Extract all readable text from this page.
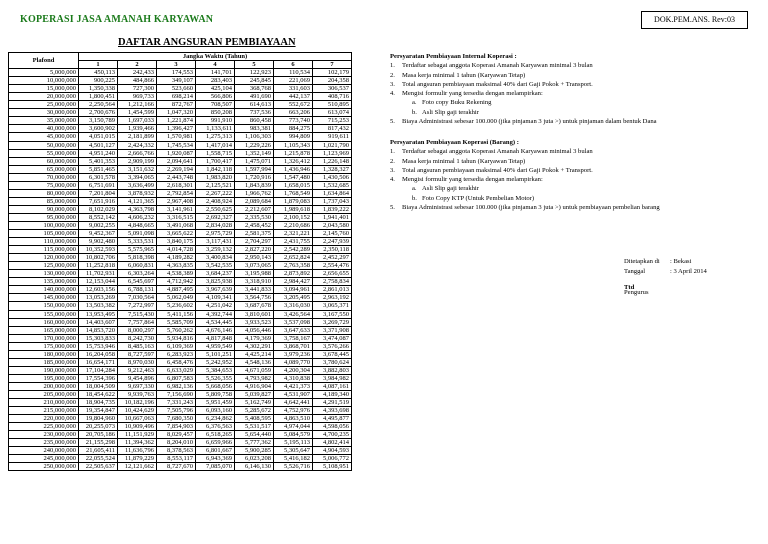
KOPERASI JASA AMANAH KARYAWAN	DOK.PEM.ANS. Rev:03
DAFTAR ANGSURAN PEMBIAYAAN
Plafond	Jangka Waktu (Tahun)						
	1	2	3	4	5	6	7
5,000,000	450,113	242,433	174,553	141,701	122,923	110,534	102,179
10,000,000	900,225	484,866	349,107	283,403	245,845	221,069	204,358
15,000,000	1,350,338	727,300	523,660	425,104	368,768	331,603	306,537
20,000,000	1,800,451	969,733	698,214	566,806	491,690	442,137	408,716
25,000,000	2,250,564	1,212,166	872,767	708,507	614,613	552,672	510,895
30,000,000	2,700,676	1,454,599	1,047,320	850,208	737,536	663,206	613,074
35,000,000	3,150,789	1,697,033	1,221,874	991,910	860,458	773,740	715,253
40,000,000	3,600,902	1,939,466	1,396,427	1,133,611	983,381	884,275	817,432
45,000,000	4,051,015	2,181,899	1,570,981	1,275,313	1,106,303	994,809	919,611
50,000,000	4,501,127	2,424,332	1,745,534	1,417,014	1,229,226	1,105,343	1,021,790
55,000,000	4,951,240	2,666,766	1,920,087	1,558,715	1,352,149	1,215,878	1,123,969
60,000,000	5,401,353	2,909,199	2,094,641	1,700,417	1,475,071	1,326,412	1,226,148
65,000,000	5,851,465	3,151,632	2,269,194	1,842,118	1,597,994	1,436,946	1,328,327
70,000,000	6,301,578	3,394,065	2,443,748	1,983,820	1,720,916	1,547,480	1,430,506
75,000,000	6,751,691	3,636,499	2,618,301	2,125,521	1,843,839	1,658,015	1,532,685
80,000,000	7,201,804	3,878,932	2,792,854	2,267,222	1,966,762	1,768,549	1,634,864
85,000,000	7,651,916	4,121,365	2,967,408	2,408,924	2,089,684	1,879,083	1,737,043
90,000,000	8,102,029	4,363,798	3,141,961	2,550,625	2,212,607	1,989,618	1,839,222
95,000,000	8,552,142	4,606,232	3,316,515	2,692,327	2,335,530	2,100,152	1,941,401
100,000,000	9,002,255	4,848,665	3,491,068	2,834,028	2,458,452	2,210,686	2,043,580
105,000,000	9,452,367	5,091,098	3,665,622	2,975,729	2,581,375	2,321,221	2,145,760
110,000,000	9,902,480	5,333,531	3,840,175	3,117,431	2,704,297	2,431,755	2,247,939
115,000,000	10,352,593	5,575,965	4,014,728	3,259,132	2,827,220	2,542,289	2,350,118
120,000,000	10,802,706	5,818,398	4,189,282	3,400,834	2,950,143	2,652,824	2,452,297
125,000,000	11,252,818	6,060,831	4,363,835	3,542,535	3,073,065	2,763,358	2,554,476
130,000,000	11,702,931	6,303,264	4,538,389	3,684,237	3,195,988	2,873,892	2,656,655
135,000,000	12,153,044	6,545,697	4,712,942	3,825,938	3,318,910	2,984,427	2,758,834
140,000,000	12,603,156	6,788,131	4,887,495	3,967,639	3,441,833	3,094,961	2,861,013
145,000,000	13,053,269	7,030,564	5,062,049	4,109,341	3,564,756	3,205,495	2,963,192
150,000,000	13,503,382	7,272,997	5,236,602	4,251,042	3,687,678	3,316,030	3,065,371
155,000,000	13,953,495	7,515,430	5,411,156	4,392,744	3,810,601	3,426,564	3,167,550
160,000,000	14,403,607	7,757,864	5,585,709	4,534,445	3,933,523	3,537,098	3,269,729
165,000,000	14,853,720	8,000,297	5,760,262	4,676,146	4,056,446	3,647,633	3,371,908
170,000,000	15,303,833	8,242,730	5,934,816	4,817,848	4,179,369	3,758,167	3,474,087
175,000,000	15,753,946	8,485,163	6,109,369	4,959,549	4,302,291	3,868,701	3,576,266
180,000,000	16,204,058	8,727,597	6,283,923	5,101,251	4,425,214	3,979,236	3,678,445
185,000,000	16,654,171	8,970,030	6,458,476	5,242,952	4,548,136	4,089,770	3,780,624
190,000,000	17,104,284	9,212,463	6,633,029	5,384,653	4,671,059	4,200,304	3,882,803
195,000,000	17,554,396	9,454,896	6,807,583	5,526,355	4,793,982	4,310,838	3,984,982
200,000,000	18,004,509	9,697,330	6,982,136	5,668,056	4,916,904	4,421,373	4,087,161
205,000,000	18,454,622	9,939,763	7,156,690	5,809,758	5,039,827	4,531,907	4,189,340
210,000,000	18,904,735	10,182,196	7,331,243	5,951,459	5,162,749	4,642,441	4,291,519
215,000,000	19,354,847	10,424,629	7,505,796	6,093,160	5,285,672	4,752,976	4,393,698
220,000,000	19,804,960	10,667,063	7,680,350	6,234,862	5,408,595	4,863,510	4,495,877
225,000,000	20,255,073	10,909,496	7,854,903	6,376,563	5,531,517	4,974,044	4,598,056
230,000,000	20,705,186	11,151,929	8,029,457	6,518,265	5,654,440	5,084,579	4,700,235
235,000,000	21,155,298	11,394,362	8,204,010	6,659,966	5,777,362	5,195,113	4,802,414
240,000,000	21,605,411	11,636,796	8,378,563	6,801,667	5,900,285	5,305,647	4,904,593
245,000,000	22,055,524	11,879,229	8,553,117	6,943,369	6,023,208	5,416,182	5,006,772
250,000,000	22,505,637	12,121,662	8,727,670	7,085,070	6,146,130	5,526,716	5,108,951
Persyaratan Pembiayaan Internal Koperasi :
1. Terdaftar sebagai anggota Koperasi Amanah Karyawan minimal 3 bulan
2. Masa kerja minimal 1 tahun (Karyawan Tetap)
3. Total angsuran pembiayaan maksimal 40% dari Gaji Pokok + Transport.
4. Mengisi formulir yang tersedia dengan melampirkan:
a. Foto copy Buku Rekening
b. Asli Slip gaji terakhir
5. Biaya Administrasi sebesar 100.000 (jika pinjaman 3 juta >) untuk pinjaman dalam bentuk Dana
Persyaratan Pembiayaan Koperasi (Barang) :
1. Terdaftar sebagai anggota Koperasi Amanah Karyawan minimal 3 bulan
2. Masa kerja minimal 1 tahun (Karyawan Tetap)
3. Total angsuran pembiayaan maksimal 40% dari Gaji Pokok + Transport.
4. Mengisi formulir yang tersedia dengan melampirkan:
a. Asli Slip gaji terakhir
b. Foto Copy KTP (Untuk Pembelian Motor)
5. Biaya Administrasi sebesar 100.000 (jika pinjaman 3 juta >) untuk pembiayaan pembelian barang
Ditetapkan di : Bekasi
Tanggal	: 3 April 2014
Ttd
Pengurus
